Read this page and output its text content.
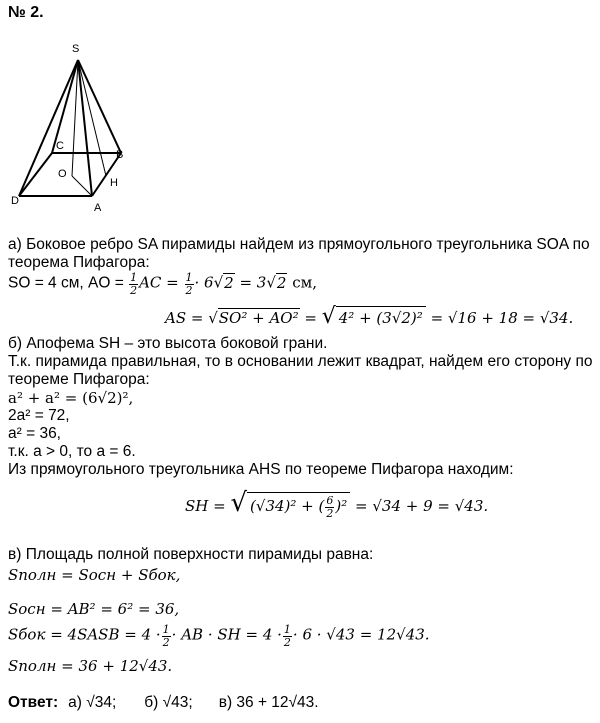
№ 2.
S
C
B
O
H
D
A
а) Боковое ребро SA пирамиды найдем из прямоугольного треугольника SOA по
теорема Пифагора:
SO = 4 см, AO = $\frac{1}{2}$ AC = $\frac{1}{2} \cdot 6√2 = 3√2$ см,
AS = √SO² + AO² = √ 4² + (3√2)² = √16 + 18 = √34.
б) Апофема SH – это высота боковой грани.
Т.к. пирамида правильная, то в основании лежит квадрат, найдем его сторону по
теореме Пифагора:
a² + a² = (6√2)²,
2a² = 72,
a² = 36,
т.к. a > 0, то a = 6.
Из прямоугольного треугольника AHS по теореме Пифагора находим:
SH = √ (√34)² + ( $\frac{6}{2} )^2 = √34 + 9 = √43$.
в) Площадь полной поверхности пирамиды равна:
Sполн = Sосн + Sбок,
Sосн = AB² = 6² = 36,
Sбок = 4SASB = $4 \cdot \frac{1}{2}$ · AB · SH = $4 \cdot \frac{1}{2} \cdot 6 \cdot √43 = 12√43$.
Sполн = 36 + 12√43.
Ответ: а) √34; б) √43; в) 36 + 12√43.
